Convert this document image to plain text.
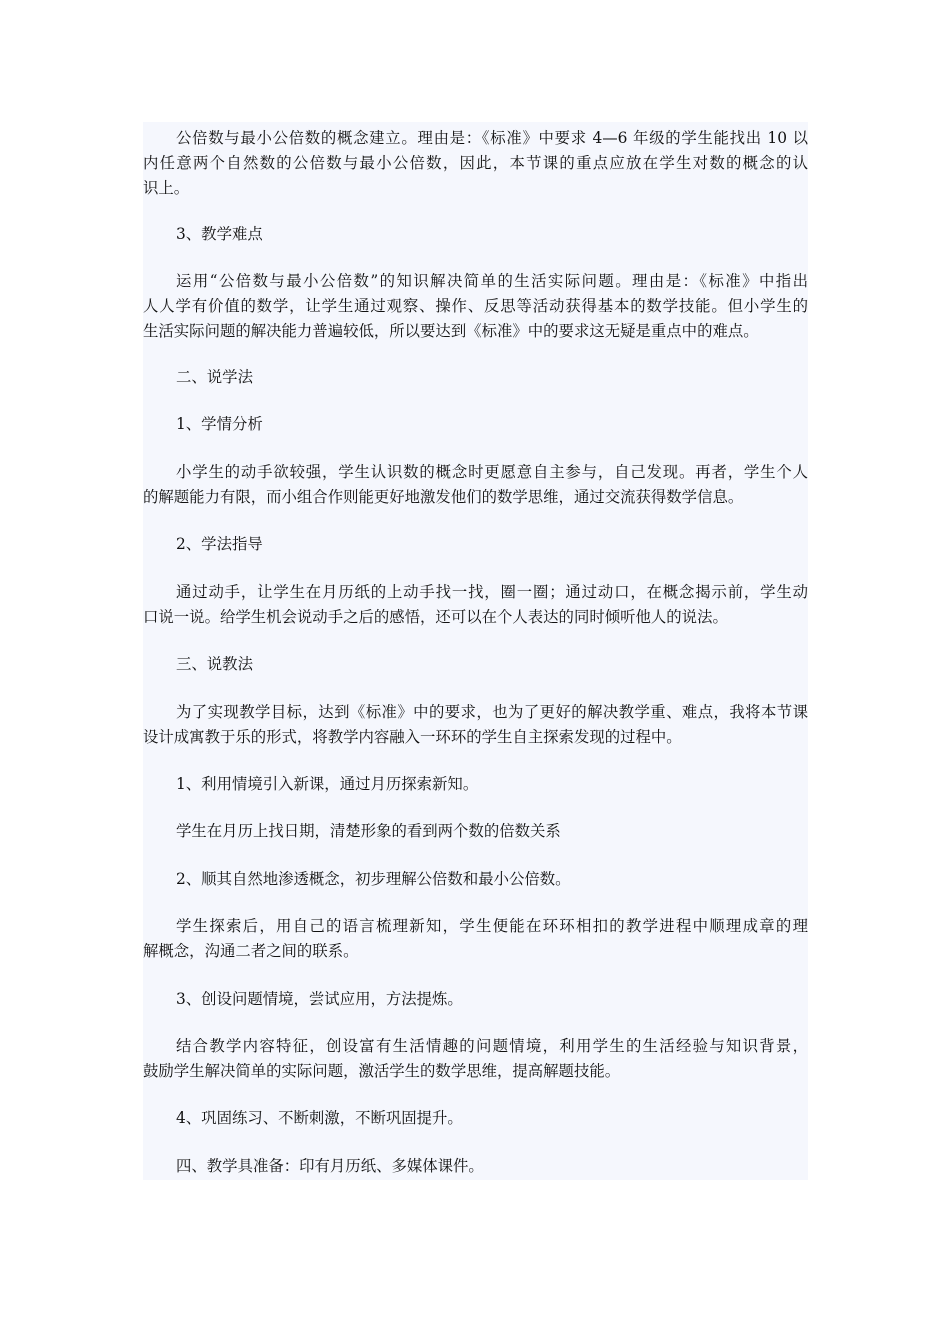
公倍数与最小公倍数的概念建立。理由是：《标准》中要求 4—6 年级的学生能找出 10 以
内任意两个自然数的公倍数与最小公倍数，因此，本节课的重点应放在学生对数的概念的认
识上。
3、教学难点
运用“公倍数与最小公倍数”的知识解决简单的生活实际问题。理由是：《标准》中指出
人人学有价值的数学，让学生通过观察、操作、反思等活动获得基本的数学技能。但小学生的
生活实际问题的解决能力普遍较低，所以要达到《标准》中的要求这无疑是重点中的难点。
二、说学法
1、学情分析
小学生的动手欲较强，学生认识数的概念时更愿意自主参与，自己发现。再者，学生个人
的解题能力有限，而小组合作则能更好地激发他们的数学思维，通过交流获得数学信息。
2、学法指导
通过动手，让学生在月历纸的上动手找一找，圈一圈；通过动口，在概念揭示前，学生动
口说一说。给学生机会说动手之后的感悟，还可以在个人表达的同时倾听他人的说法。
三、说教法
为了实现教学目标，达到《标准》中的要求，也为了更好的解决教学重、难点，我将本节课
设计成寓教于乐的形式，将教学内容融入一环环的学生自主探索发现的过程中。
1、利用情境引入新课，通过月历探索新知。
学生在月历上找日期，清楚形象的看到两个数的倍数关系
2、顺其自然地渗透概念，初步理解公倍数和最小公倍数。
学生探索后，用自己的语言梳理新知，学生便能在环环相扣的教学进程中顺理成章的理
解概念，沟通二者之间的联系。
3、创设问题情境，尝试应用，方法提炼。
结合教学内容特征，创设富有生活情趣的问题情境，利用学生的生活经验与知识背景，
鼓励学生解决简单的实际问题，激活学生的数学思维，提高解题技能。
4、巩固练习、不断刺激，不断巩固提升。
四、教学具准备：印有月历纸、多媒体课件。
